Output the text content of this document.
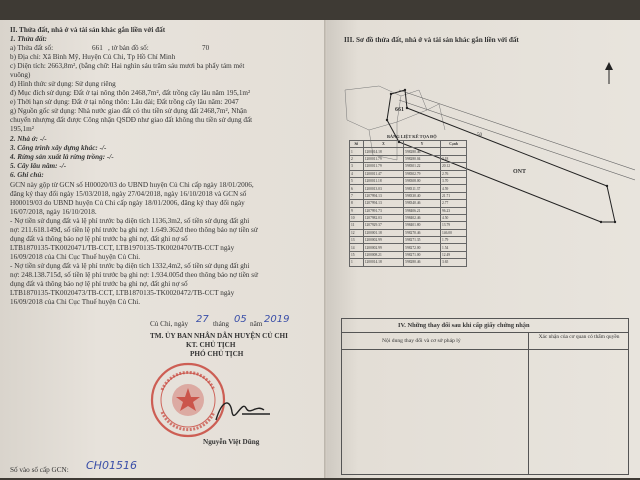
II. Thửa đất, nhà ở và tài sản khác gắn liền với đất
1. Thửa đất:
a) Thửa đất số:	661 , tờ bản đồ số:	70
b) Địa chỉ: Xã Bình Mỹ, Huyện Củ Chi, Tp Hồ Chí Minh
c) Diện tích: 2663,8m², (bằng chữ: Hai nghìn sáu trăm sáu mươi ba phẩy tám mét
vuông)
d) Hình thức sử dụng: Sử dụng riêng
đ) Mục đích sử dụng: Đất ở tại nông thôn 2468,7m², đất trồng cây lâu năm 195,1m²
e) Thời hạn sử dụng: Đất ở tại nông thôn: Lâu dài; Đất trồng cây lâu năm: 2047
g) Nguồn gốc sử dụng: Nhà nước giao đất có thu tiền sử dụng đất 2468,7m², Nhận
chuyển nhượng đất được Công nhận QSDĐ như giao đất không thu tiền sử dụng đất
195,1m²
2. Nhà ở: -/-
3. Công trình xây dựng khác: -/-
4. Rừng sản xuất là rừng trồng: -/-
5. Cây lâu năm: -/-
6. Ghi chú:
GCN này gộp từ GCN số H00020/03 do UBND huyện Củ Chi cấp ngày 18/01/2006,
đăng ký thay đổi ngày 15/03/2018, ngày 27/04/2018, ngày 16/10/2018 và GCN số
H00019/03 do UBND huyện Củ Chi cấp ngày 18/01/2006, đăng ký thay đổi ngày
16/07/2018, ngày 16/10/2018.
- Nợ tiền sử dụng đất và lệ phí trước bạ diện tích 1136,3m2, số tiền sử dụng đất ghi
nợ: 211.618.149đ, số tiền lệ phí trước bạ ghi nợ: 1.649.362đ theo thông báo nợ tiền sử
dụng đất và thông báo nợ lệ phí trước bạ ghi nợ, đất ghi nợ số
LTB1870135-TK0020471/TB-CCT, LTB1970135-TK0020470/TB-CCT ngày
16/09/2018 của Chi Cục Thuế huyện Củ Chi.
- Nợ tiền sử dụng đất và lệ phí trước bạ diện tích 1332,4m2, số tiền sử dụng đất ghi
nợ: 248.138.715đ, số tiền lệ phí trước bạ ghi nợ: 1.934.005đ theo thông báo nợ tiền sử
dụng đất và thông báo nợ lệ phí trước bạ ghi nợ, đất ghi nợ số
LTB1870135-TK0020473/TB-CCT, LTB1870135-TK0020472/TB-CCT ngày
16/09/2018 của Chi Cục Thuế huyện Củ Chi.
Củ Chi, ngày 27 tháng 05 năm 2019
TM. ỦY BAN NHÂN DÂN HUYỆN CỦ CHI
KT. CHỦ TỊCH
PHÓ CHỦ TỊCH
Nguyễn Việt Dũng
Số vào sổ cấp GCN: CH01516
III. Sơ đồ thửa đất, nhà ở và tài sản khác gắn liền với đất
661
ONT
50
BẢNG LIỆT KÊ TỌA ĐỘ
Số	X	Y	Cạnh
1	1200014.18	598280.46	
2	1200011.79	598280.04	3.18
3	1200011.79	598301.22	20.12
4	1200011.47	598302.79	2.76
5	1200011.18	598308.00	3.70
6	1200013.03	598311.37	4.59
7	1207994.13	598330.40	21.71
8	1207994.13	598340.46	2.77
9	1207991.73	598406.21	96.23
10	1207982.03	598402.46	4.50
11	1207929.37	598401.80	13.79
12	1200001.18	598270.46	146.00
13	1200002.99	598271.35	1.79
14	1200002.99	598272.00	1.54
15	1200008.21	598271.00	12.49
1	1200014.18	598280.46	3.65
IV. Những thay đổi sau khi cấp giấy chứng nhận
Nội dung thay đổi và cơ sở pháp lý
Xác nhận của cơ quan có thẩm quyền
